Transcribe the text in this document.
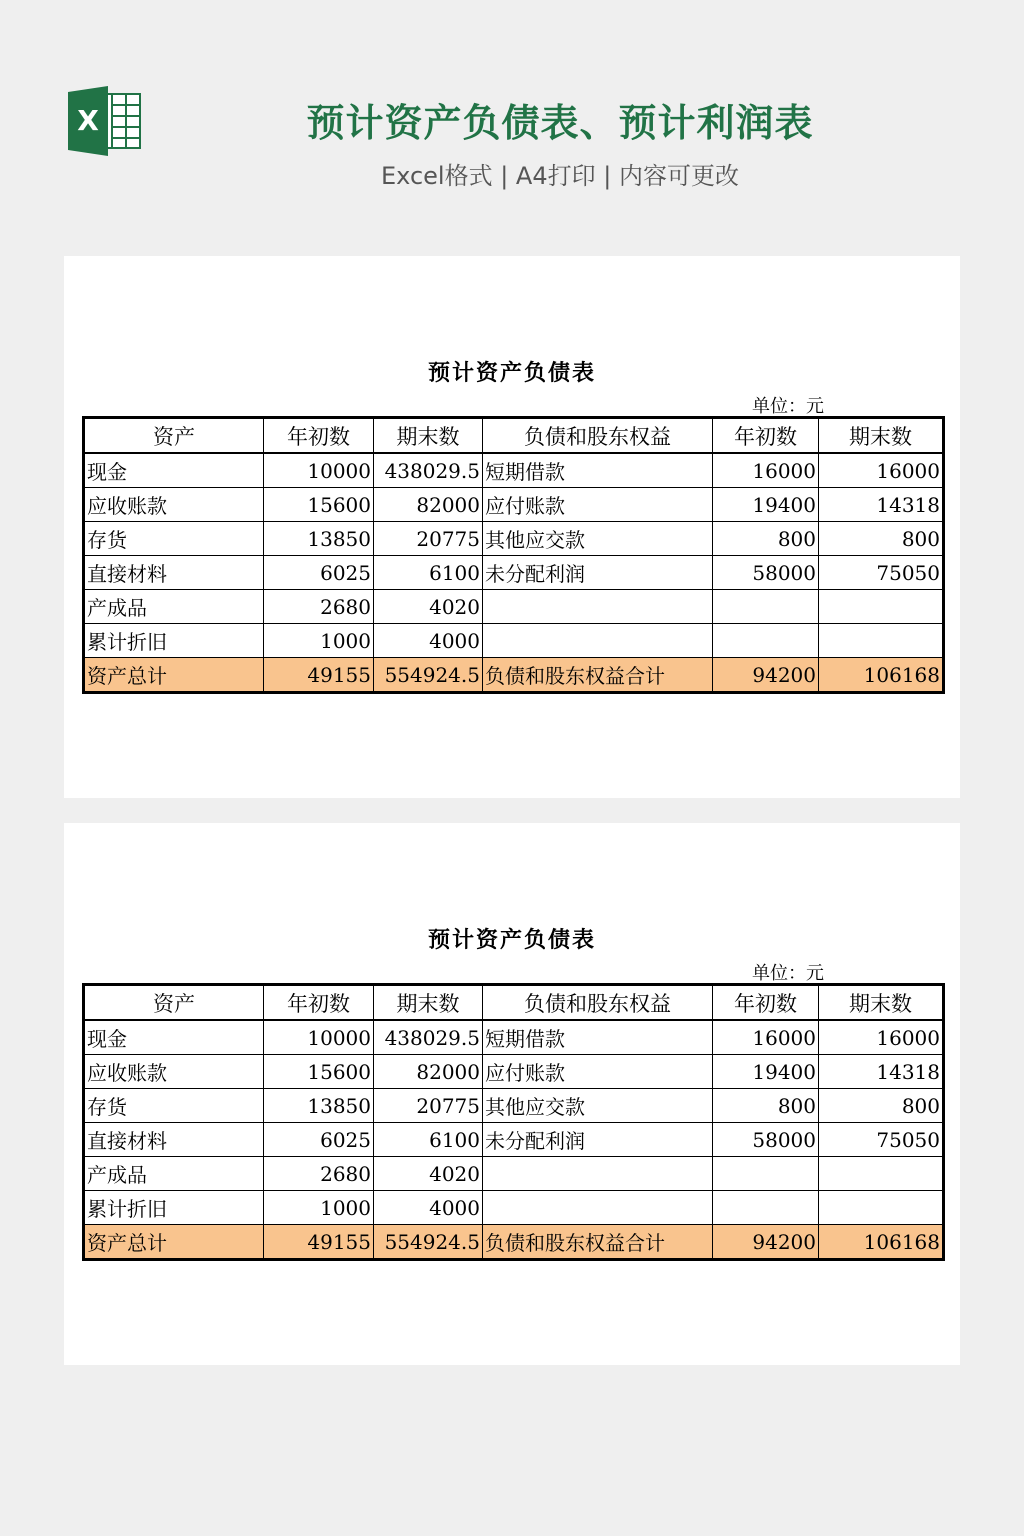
X	预计资产负债表、预计利润表
Excel格式 | A4打印 | 内容可更改
预计资产负债表
单位：元
资产	年初数	期末数	负债和股东权益	年初数	期末数
现金	10000	438029.5	短期借款	16000	16000
应收账款	15600	82000	应付账款	19400	14318
存货	13850	20775	其他应交款	800	800
直接材料	6025	6100	未分配利润	58000	75050
产成品	2680	4020			
累计折旧	1000	4000			
资产总计	49155	554924.5	负债和股东权益合计	94200	106168
预计资产负债表
单位：元
资产	年初数	期末数	负债和股东权益	年初数	期末数
现金	10000	438029.5	短期借款	16000	16000
应收账款	15600	82000	应付账款	19400	14318
存货	13850	20775	其他应交款	800	800
直接材料	6025	6100	未分配利润	58000	75050
产成品	2680	4020			
累计折旧	1000	4000			
资产总计	49155	554924.5	负债和股东权益合计	94200	106168
